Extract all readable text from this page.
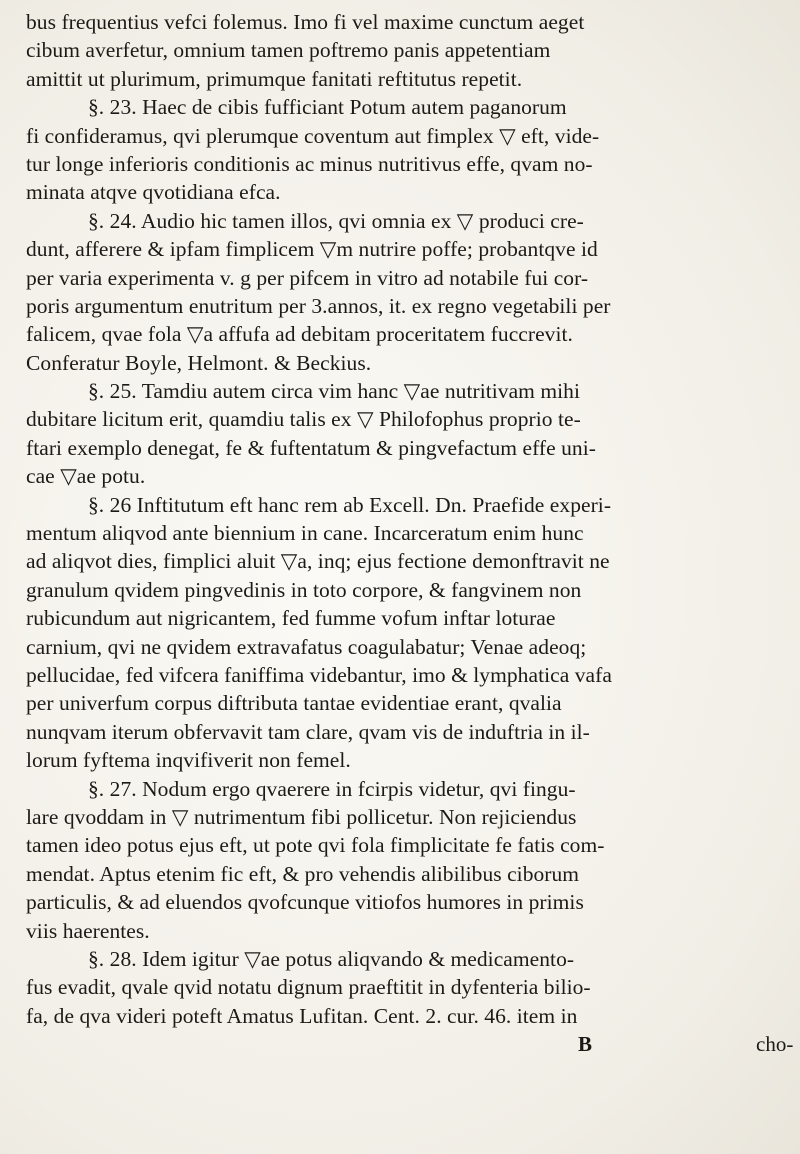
bus frequentius vefci folemus. Imo fi vel maxime cunctum aeget
cibum averfetur, omnium tamen poftremo panis appetentiam
amittit ut plurimum, primumque fanitati reftitutus repetit.
§. 23. Haec de cibis fufficiant Potum autem paganorum
fi confideramus, qvi plerumque coventum aut fimplex ▽ eft, vide-
tur longe inferioris conditionis ac minus nutritivus effe, qvam no-
minata atqve qvotidiana efca.
§. 24. Audio hic tamen illos, qvi omnia ex ▽ produci cre-
dunt, afferere & ipfam fimplicem ▽m nutrire poffe; probantqve id
per varia experimenta v. g per pifcem in vitro ad notabile fui cor-
poris argumentum enutritum per 3.annos, it. ex regno vegetabili per
falicem, qvae fola ▽a affufa ad debitam proceritatem fuccrevit.
Conferatur Boyle, Helmont. & Beckius.
§. 25. Tamdiu autem circa vim hanc ▽ae nutritivam mihi
dubitare licitum erit, quamdiu talis ex ▽ Philofophus proprio te-
ftari exemplo denegat, fe & fuftentatum & pingvefactum effe uni-
cae ▽ae potu.
§. 26 Inftitutum eft hanc rem ab Excell. Dn. Praefide experi-
mentum aliqvod ante biennium in cane. Incarceratum enim hunc
ad aliqvot dies, fimplici aluit ▽a, inq; ejus fectione demonftravit ne
granulum qvidem pingvedinis in toto corpore, & fangvinem non
rubicundum aut nigricantem, fed fumme vofum inftar loturae
carnium, qvi ne qvidem extravafatus coagulabatur; Venae adeoq;
pellucidae, fed vifcera faniffima videbantur, imo & lymphatica vafa
per univerfum corpus diftributa tantae evidentiae erant, qvalia
nunqvam iterum obfervavit tam clare, qvam vis de induftria in il-
lorum fyftema inqvifiverit non femel.
§. 27. Nodum ergo qvaerere in fcirpis videtur, qvi fingu-
lare qvoddam in ▽ nutrimentum fibi pollicetur. Non rejiciendus
tamen ideo potus ejus eft, ut pote qvi fola fimplicitate fe fatis com-
mendat. Aptus etenim fic eft, & pro vehendis alibilibus ciborum
particulis, & ad eluendos qvofcunque vitiofos humores in primis
viis haerentes.
§. 28. Idem igitur ▽ae potus aliqvando & medicamento-
fus evadit, qvale qvid notatu dignum praeftitit in dyfenteria bilio-
fa, de qva videri poteft Amatus Lufitan. Cent. 2. cur. 46. item in
B	cho-
